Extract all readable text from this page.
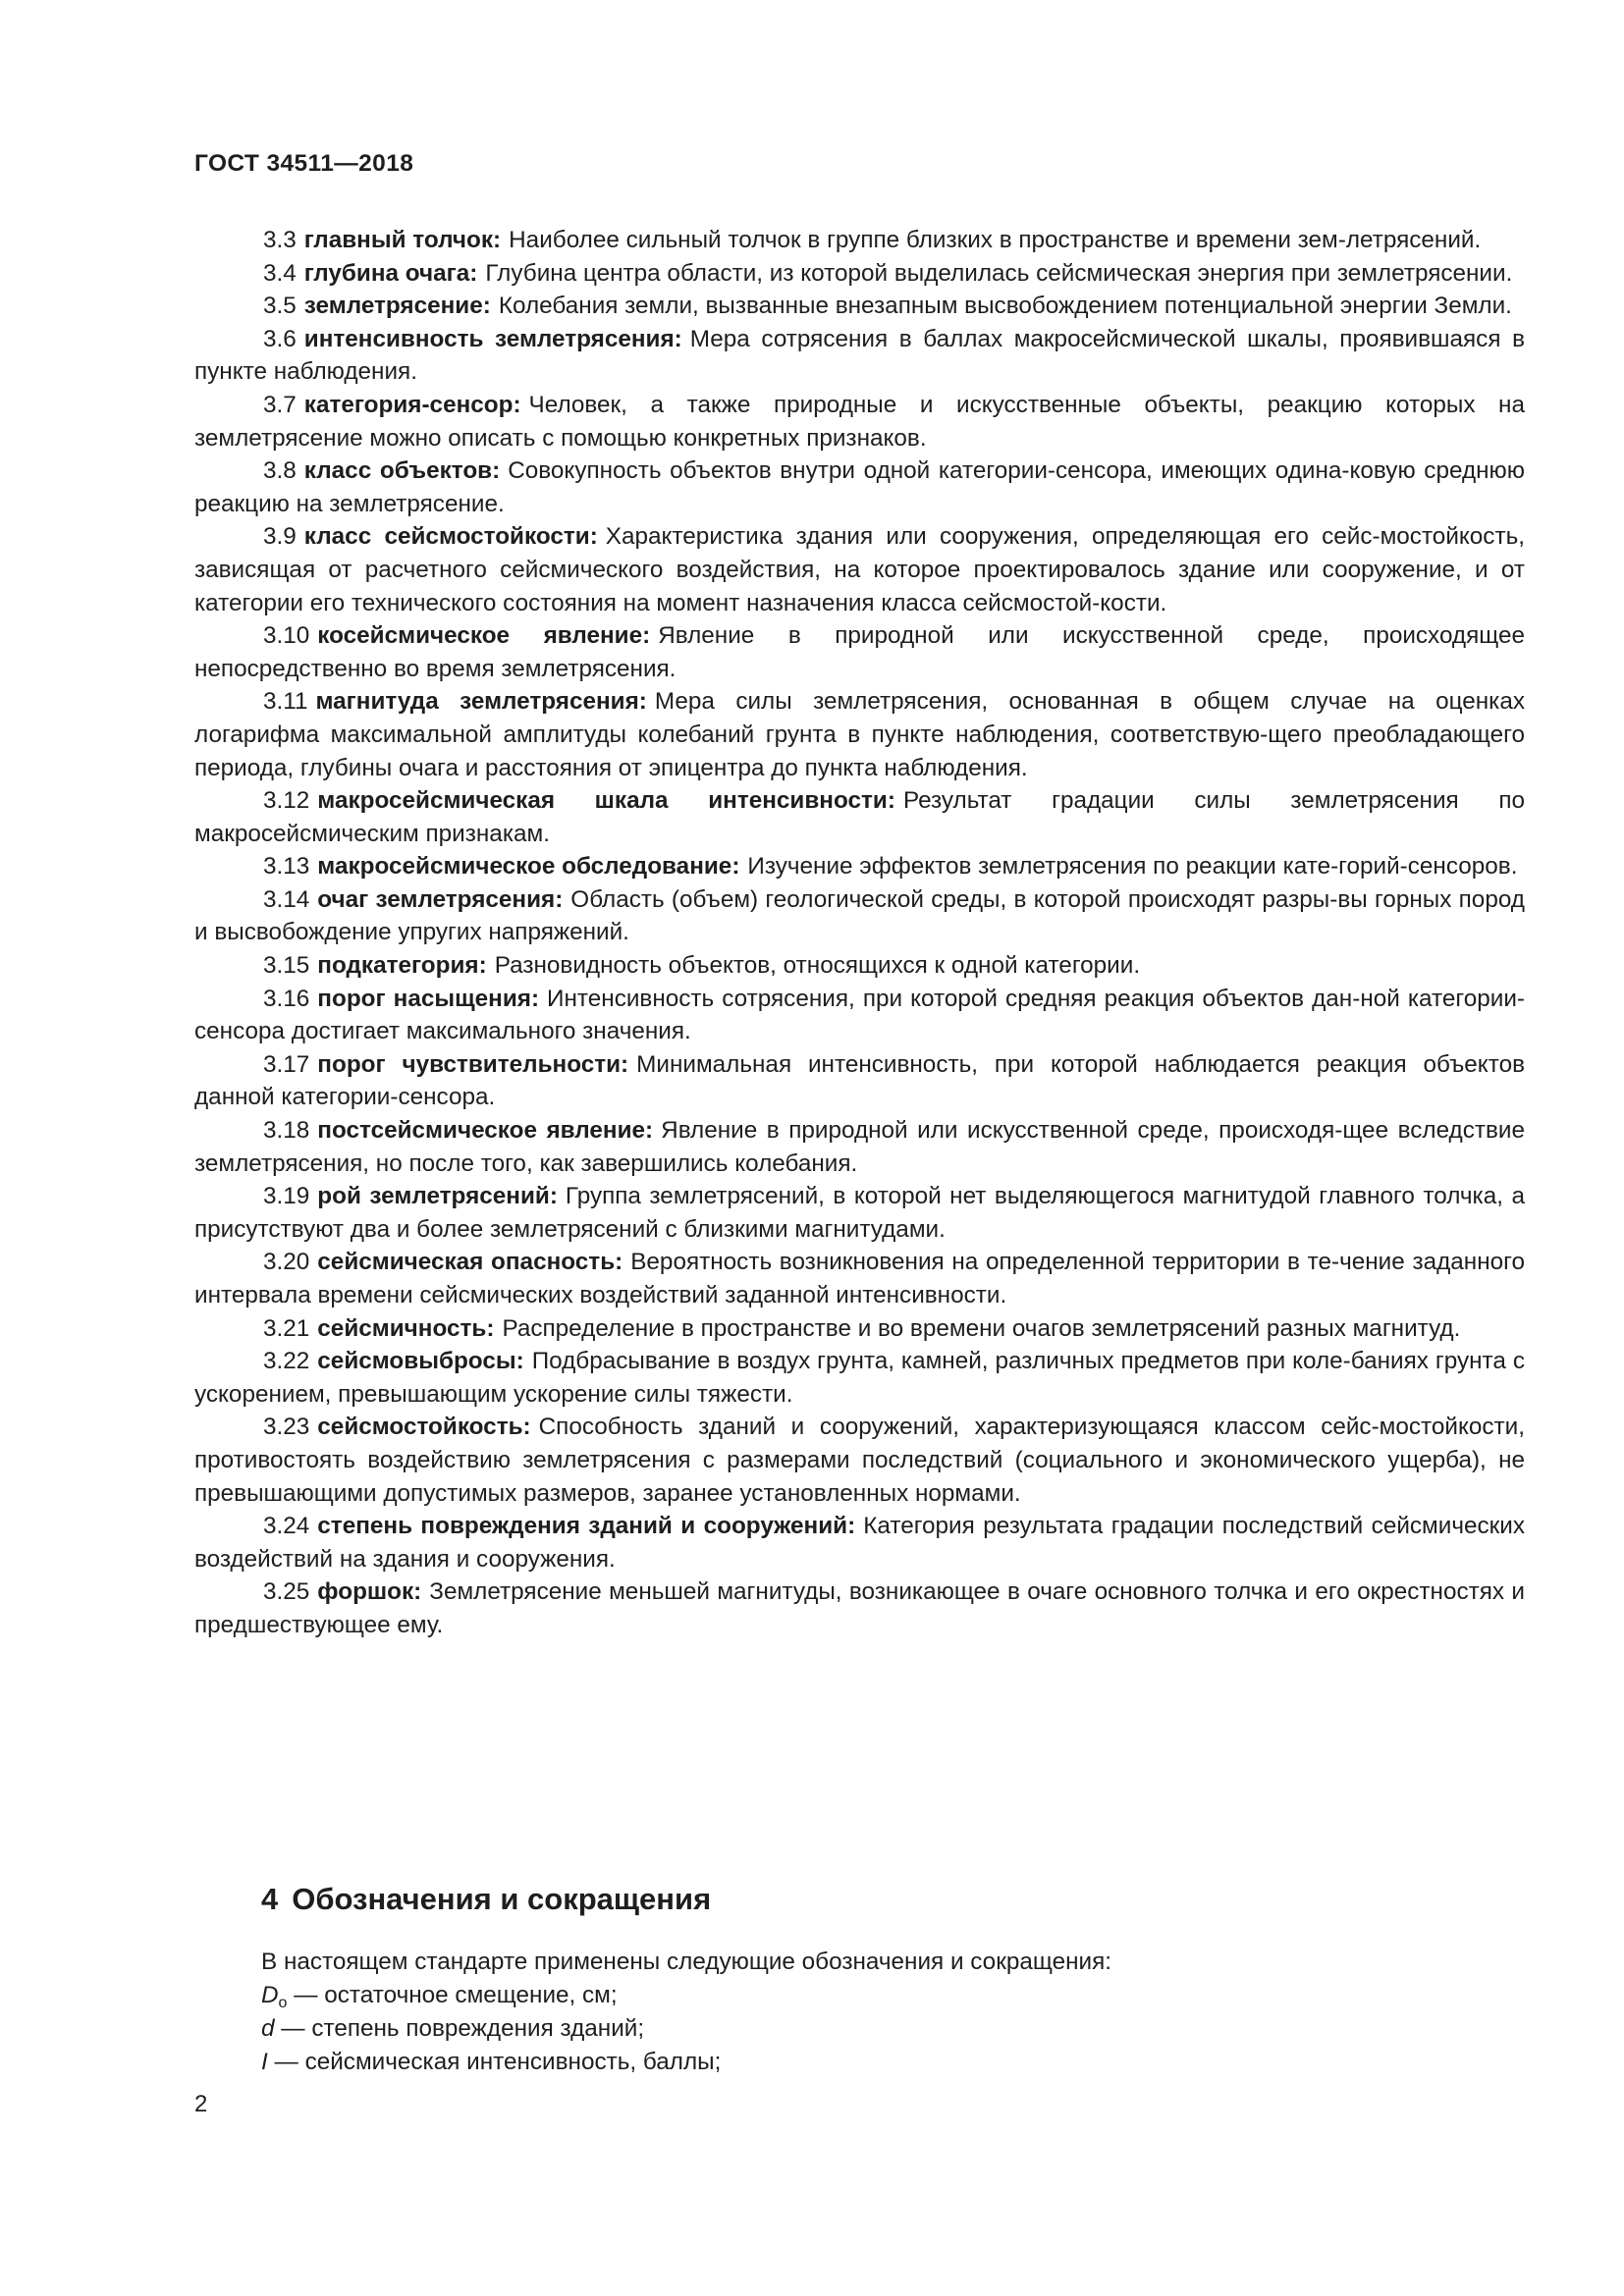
ГОСТ 34511—2018

3.3 главный толчок: Наиболее сильный толчок в группе близких в пространстве и времени зем-летрясений.

3.4 глубина очага: Глубина центра области, из которой выделилась сейсмическая энергия при землетрясении.

3.5 землетрясение: Колебания земли, вызванные внезапным высвобождением потенциальной энергии Земли.

3.6 интенсивность землетрясения: Мера сотрясения в баллах макросейсмической шкалы, проявившаяся в пункте наблюдения.

3.7 категория-сенсор: Человек, а также природные и искусственные объекты, реакцию которых на землетрясение можно описать с помощью конкретных признаков.

3.8 класс объектов: Совокупность объектов внутри одной категории-сенсора, имеющих одина-ковую среднюю реакцию на землетрясение.

3.9 класс сейсмостойкости: Характеристика здания или сооружения, определяющая его сейс-мостойкость, зависящая от расчетного сейсмического воздействия, на которое проектировалось здание или сооружение, и от категории его технического состояния на момент назначения класса сейсмостой-кости.

3.10 косейсмическое явление: Явление в природной или искусственной среде, происходящее непосредственно во время землетрясения.

3.11 магнитуда землетрясения: Мера силы землетрясения, основанная в общем случае на оценках логарифма максимальной амплитуды колебаний грунта в пункте наблюдения, соответствую-щего преобладающего периода, глубины очага и расстояния от эпицентра до пункта наблюдения.

3.12 макросейсмическая шкала интенсивности: Результат градации силы землетрясения по макросейсмическим признакам.

3.13 макросейсмическое обследование: Изучение эффектов землетрясения по реакции кате-горий-сенсоров.

3.14 очаг землетрясения: Область (объем) геологической среды, в которой происходят разры-вы горных пород и высвобождение упругих напряжений.

3.15 подкатегория: Разновидность объектов, относящихся к одной категории.

3.16 порог насыщения: Интенсивность сотрясения, при которой средняя реакция объектов дан-ной категории-сенсора достигает максимального значения.

3.17 порог чувствительности: Минимальная интенсивность, при которой наблюдается реакция объектов данной категории-сенсора.

3.18 постсейсмическое явление: Явление в природной или искусственной среде, происходя-щее вследствие землетрясения, но после того, как завершились колебания.

3.19 рой землетрясений: Группа землетрясений, в которой нет выделяющегося магнитудой главного толчка, а присутствуют два и более землетрясений с близкими магнитудами.

3.20 сейсмическая опасность: Вероятность возникновения на определенной территории в те-чение заданного интервала времени сейсмических воздействий заданной интенсивности.

3.21 сейсмичность: Распределение в пространстве и во времени очагов землетрясений разных магнитуд.

3.22 сейсмовыбросы: Подбрасывание в воздух грунта, камней, различных предметов при коле-баниях грунта с ускорением, превышающим ускорение силы тяжести.

3.23 сейсмостойкость: Способность зданий и сооружений, характеризующаяся классом сейс-мостойкости, противостоять воздействию землетрясения с размерами последствий (социального и экономического ущерба), не превышающими допустимых размеров, заранее установленных нормами.

3.24 степень повреждения зданий и сооружений: Категория результата градации последствий сейсмических воздействий на здания и сооружения.

3.25 форшок: Землетрясение меньшей магнитуды, возникающее в очаге основного толчка и его окрестностях и предшествующее ему.

4 Обозначения и сокращения

В настоящем стандарте применены следующие обозначения и сокращения:

$D_о$ — остаточное смещение, см;

d — степень повреждения зданий;

I — сейсмическая интенсивность, баллы;

2
